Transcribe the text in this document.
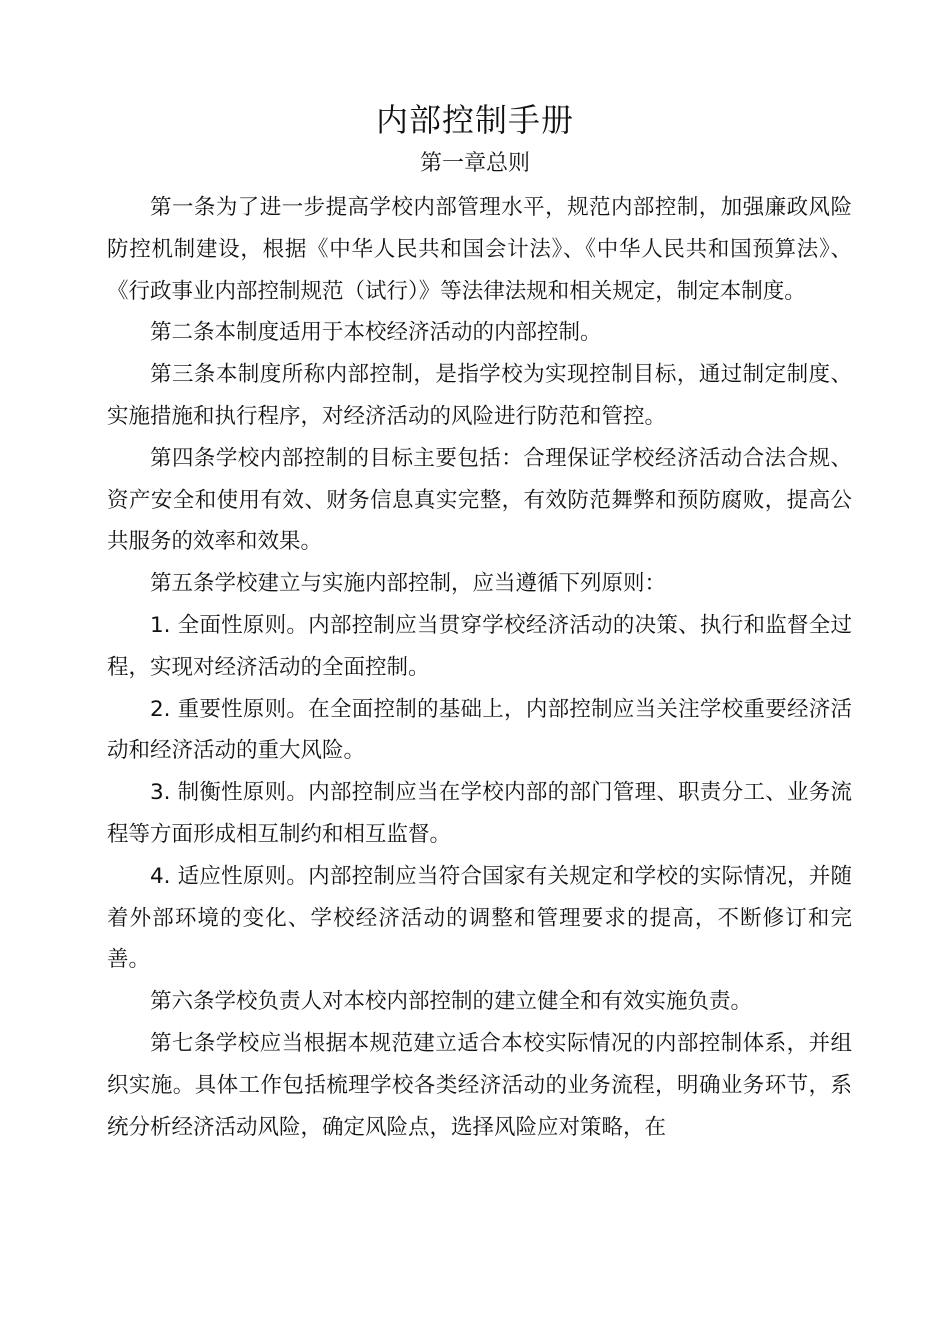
内部控制手册
第一章总则

第一条为了进一步提高学校内部管理水平，规范内部控制，加强廉政风险防控机制建设，根据《中华人民共和国会计法》、《中华人民共和国预算法》、《行政事业内部控制规范（试行）》等法律法规和相关规定，制定本制度。

第二条本制度适用于本校经济活动的内部控制。

第三条本制度所称内部控制，是指学校为实现控制目标，通过制定制度、实施措施和执行程序，对经济活动的风险进行防范和管控。

第四条学校内部控制的目标主要包括：合理保证学校经济活动合法合规、资产安全和使用有效、财务信息真实完整，有效防范舞弊和预防腐败，提高公共服务的效率和效果。

第五条学校建立与实施内部控制，应当遵循下列原则：

1. 全面性原则。内部控制应当贯穿学校经济活动的决策、执行和监督全过程，实现对经济活动的全面控制。

2. 重要性原则。在全面控制的基础上，内部控制应当关注学校重要经济活动和经济活动的重大风险。

3. 制衡性原则。内部控制应当在学校内部的部门管理、职责分工、业务流程等方面形成相互制约和相互监督。

4. 适应性原则。内部控制应当符合国家有关规定和学校的实际情况，并随着外部环境的变化、学校经济活动的调整和管理要求的提高，不断修订和完善。

第六条学校负责人对本校内部控制的建立健全和有效实施负责。

第七条学校应当根据本规范建立适合本校实际情况的内部控制体系，并组织实施。具体工作包括梳理学校各类经济活动的业务流程，明确业务环节，系统分析经济活动风险，确定风险点，选择风险应对策略，在
